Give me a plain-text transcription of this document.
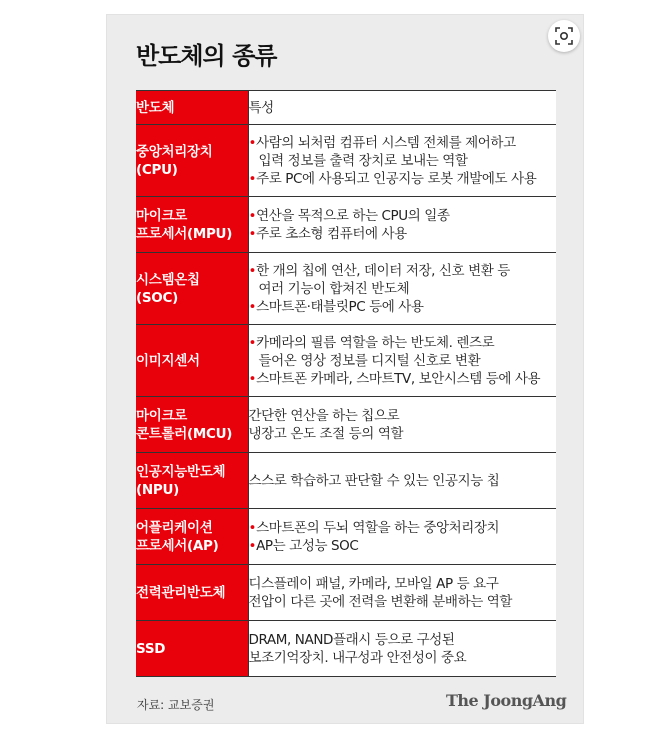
반도체의 종류
반도체	특성
중앙처리장치
(CPU)	•사람의 뇌처럼 컴퓨터 시스템 전체를 제어하고
입력 정보를 출력 장치로 보내는 역할
•주로 PC에 사용되고 인공지능 로봇 개발에도 사용

마이크로
프로세서(MPU)	•연산을 목적으로 하는 CPU의 일종
•주로 초소형 컴퓨터에 사용

시스템온칩
(SOC)	•한 개의 칩에 연산, 데이터 저장, 신호 변환 등
여러 기능이 합쳐진 반도체
•스마트폰·태블릿PC 등에 사용

이미지센서	•카메라의 필름 역할을 하는 반도체. 렌즈로
들어온 영상 정보를 디지털 신호로 변환
•스마트폰 카메라, 스마트TV, 보안시스템 등에 사용

마이크로
콘트롤러(MCU)	간단한 연산을 하는 칩으로
냉장고 온도 조절 등의 역할

인공지능반도체
(NPU)	스스로 학습하고 판단할 수 있는 인공지능 칩

어플리케이션
프로세서(AP)	•스마트폰의 두뇌 역할을 하는 중앙처리장치
•AP는 고성능 SOC

전력관리반도체	디스플레이 패널, 카메라, 모바일 AP 등 요구
전압이 다른 곳에 전력을 변환해 분배하는 역할

SSD	DRAM, NAND플래시 등으로 구성된
보조기억장치. 내구성과 안전성이 중요
자료: 교보증권	The JoongAng
